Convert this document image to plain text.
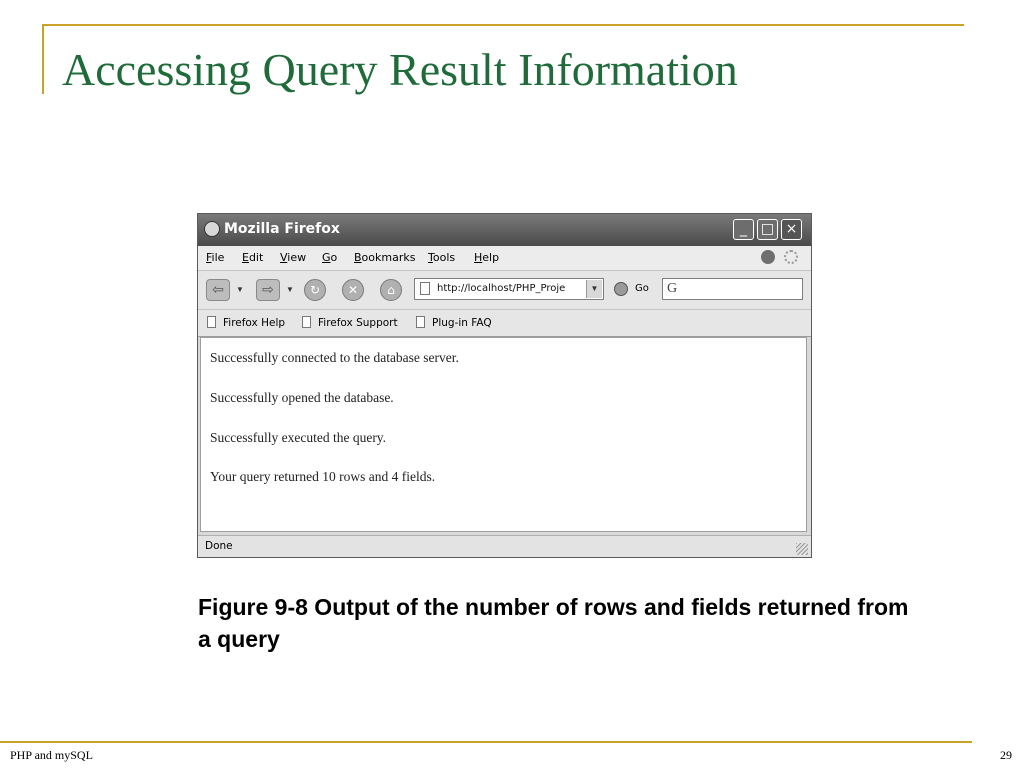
Accessing Query Result Information
Mozilla Firefox	_ □ ×
File Edit View Go Bookmarks Tools Help
⇦	▼	⇨	▼	↻	✕	⌂	http://localhost/PHP_Proje	▼	Go G
Firefox Help	Firefox Support	Plug-in FAQ
Successfully connected to the database server.
Successfully opened the database.
Successfully executed the query.
Your query returned 10 rows and 4 fields.
Done
Figure 9-8 Output of the number of rows and fields returned from a query
PHP and mySQL	29
